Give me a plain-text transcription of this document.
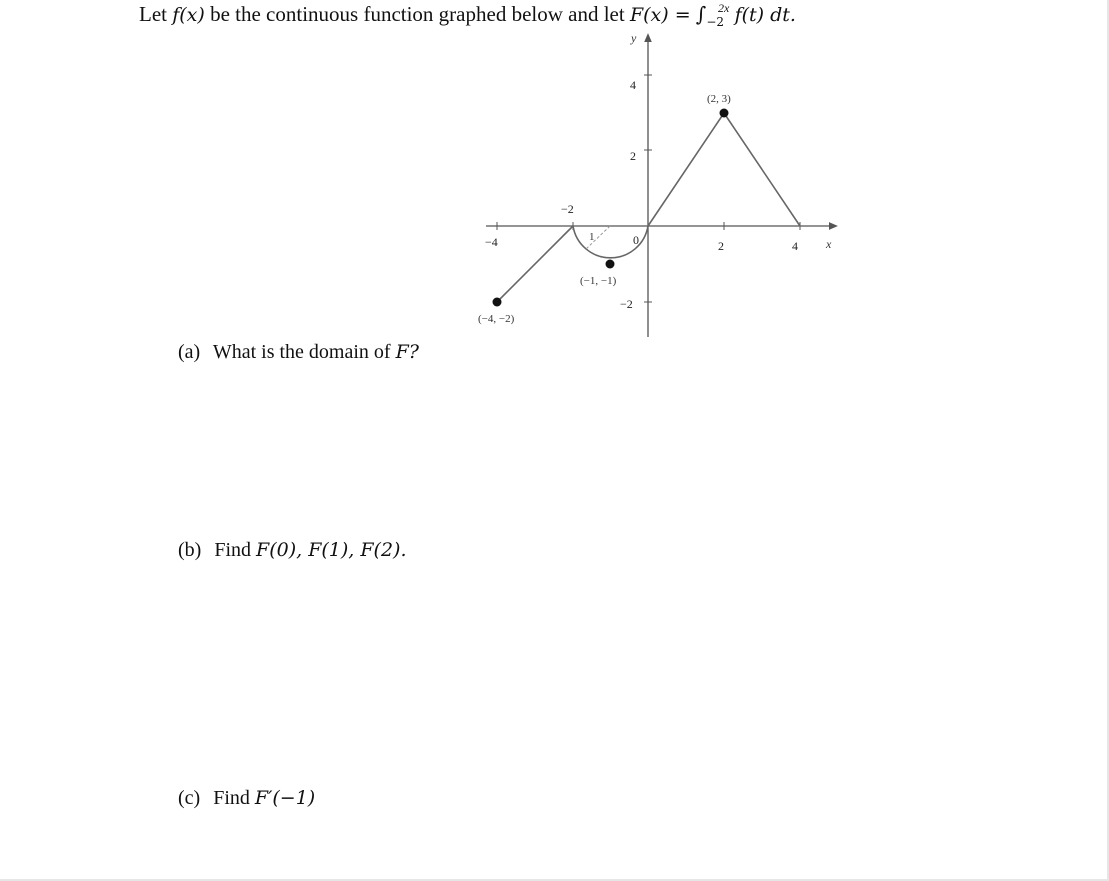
Let f(x) be the continuous function graphed below and let $F(x) = \int_{-2}^{2x}$ f(t) dt.
−4
−2
0	2	4
4
2
−2
x
y
1
(−4, −2)
(−1, −1)
(2, 3)
(a) What is the domain of F?
(b) Find F(0), F(1), F(2).
(c) Find F′(−1)
